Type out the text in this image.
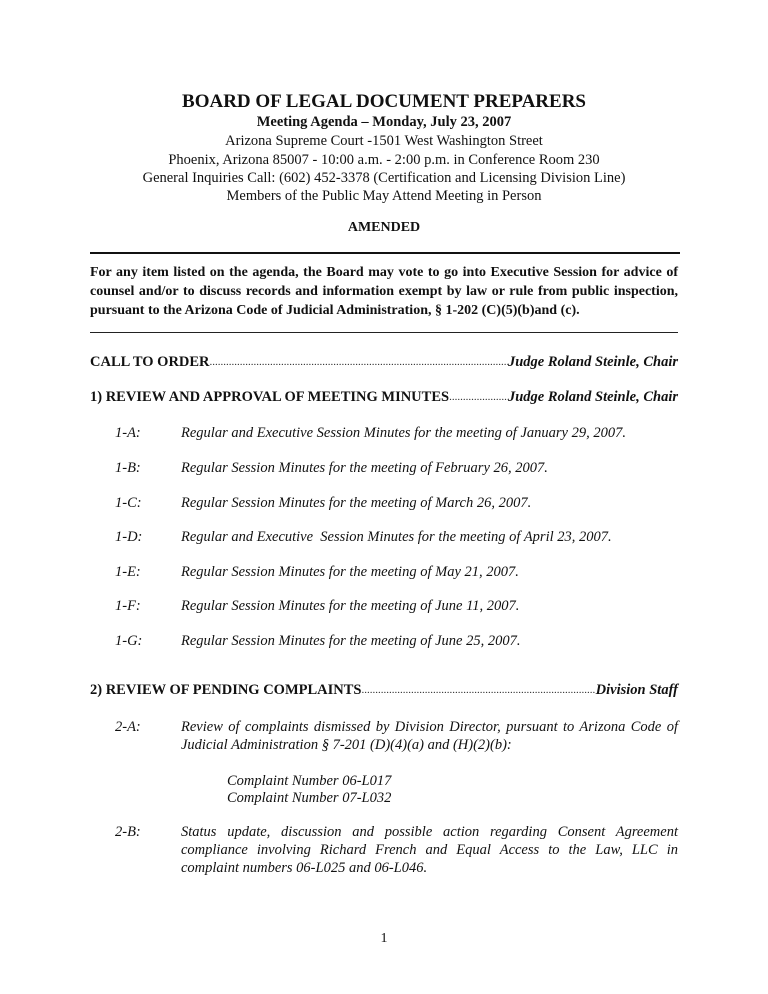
BOARD OF LEGAL DOCUMENT PREPARERS
Meeting Agenda – Monday, July 23, 2007
Arizona Supreme Court -1501 West Washington Street
Phoenix, Arizona 85007 - 10:00 a.m. - 2:00 p.m. in Conference Room 230
General Inquiries Call: (602) 452-3378 (Certification and Licensing Division Line)
Members of the Public May Attend Meeting in Person
AMENDED
For any item listed on the agenda, the Board may vote to go into Executive Session for advice of counsel and/or to discuss records and information exempt by law or rule from public inspection, pursuant to the Arizona Code of Judicial Administration, § 1-202 (C)(5)(b)and (c).
CALL TO ORDER .....	Judge Roland Steinle, Chair
1) REVIEW AND APPROVAL OF MEETING MINUTES .....	Judge Roland Steinle, Chair
1-A:	Regular and Executive Session Minutes for the meeting of January 29, 2007.
1-B:	Regular Session Minutes for the meeting of February 26, 2007.
1-C:	Regular Session Minutes for the meeting of March 26, 2007.
1-D:	Regular and Executive  Session Minutes for the meeting of April 23, 2007.
1-E:	Regular Session Minutes for the meeting of May 21, 2007.
1-F:	Regular Session Minutes for the meeting of June 11, 2007.
1-G:	Regular Session Minutes for the meeting of June 25, 2007.
2) REVIEW OF PENDING COMPLAINTS .....	Division Staff
2-A:	Review of complaints dismissed by Division Director, pursuant to Arizona Code of Judicial Administration § 7-201 (D)(4)(a) and (H)(2)(b):
Complaint Number 06-L017
Complaint Number 07-L032
2-B:	Status update, discussion and possible action regarding Consent Agreement compliance involving Richard French and Equal Access to the Law, LLC in complaint numbers 06-L025 and 06-L046.
1
